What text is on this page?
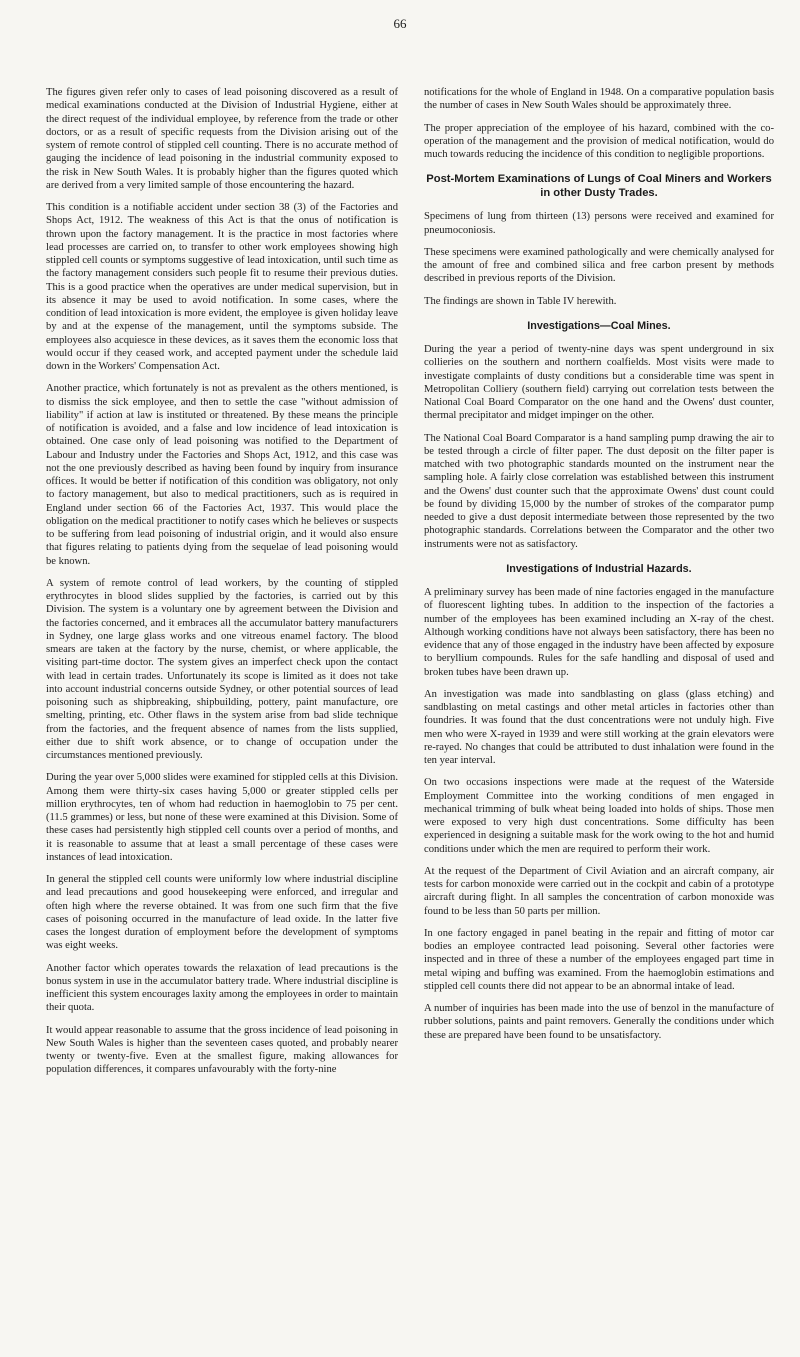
66

The figures given refer only to cases of lead poisoning discovered as a result of medical examinations conducted at the Division of Industrial Hygiene, either at the direct request of the individual employee, by reference from the trade or other doctors, or as a result of specific requests from the Division arising out of the system of remote control of stippled cell counting. There is no accurate method of gauging the incidence of lead poisoning in the industrial community exposed to the risk in New South Wales. It is probably higher than the figures quoted which are derived from a very limited sample of those encountering the hazard.

This condition is a notifiable accident under section 38 (3) of the Factories and Shops Act, 1912. The weakness of this Act is that the onus of notification is thrown upon the factory management. It is the practice in most factories where lead processes are carried on, to transfer to other work employees showing high stippled cell counts or symptoms suggestive of lead intoxication, until such time as the factory management considers such people fit to resume their previous duties. This is a good practice when the operatives are under medical supervision, but in its absence it may be used to avoid notification. In some cases, where the condition of lead intoxication is more evident, the employee is given holiday leave by and at the expense of the management, until the symptoms subside. The employees also acquiesce in these devices, as it saves them the economic loss that would occur if they ceased work, and accepted payment under the schedule laid down in the Workers' Compensation Act.

Another practice, which fortunately is not as prevalent as the others mentioned, is to dismiss the sick employee, and then to settle the case "without admission of liability" if action at law is instituted or threatened. By these means the principle of notification is avoided, and a false and low incidence of lead intoxication is obtained. One case only of lead poisoning was notified to the Department of Labour and Industry under the Factories and Shops Act, 1912, and this case was not the one previously described as having been found by inquiry from insurance offices. It would be better if notification of this condition was obligatory, not only to factory management, but also to medical practitioners, such as is required in England under section 66 of the Factories Act, 1937. This would place the obligation on the medical practitioner to notify cases which he believes or suspects to be suffering from lead poisoning of industrial origin, and it would also ensure that figures relating to patients dying from the sequelae of lead poisoning would be known.

A system of remote control of lead workers, by the counting of stippled erythrocytes in blood slides supplied by the factories, is carried out by this Division. The system is a voluntary one by agreement between the Division and the factories concerned, and it embraces all the accumulator battery manufacturers in Sydney, one large glass works and one vitreous enamel factory. The blood smears are taken at the factory by the nurse, chemist, or where applicable, the visiting part-time doctor. The system gives an imperfect check upon the contact with lead in certain trades. Unfortunately its scope is limited as it does not take into account industrial concerns outside Sydney, or other potential sources of lead poisoning such as shipbreaking, shipbuilding, pottery, paint manufacture, ore smelting, printing, etc. Other flaws in the system arise from bad slide technique from the factories, and the frequent absence of names from the lists supplied, either due to shift work absence, or to change of occupation under the circumstances mentioned previously.

During the year over 5,000 slides were examined for stippled cells at this Division. Among them were thirty-six cases having 5,000 or greater stippled cells per million erythrocytes, ten of whom had reduction in haemoglobin to 75 per cent. (11.5 grammes) or less, but none of these were examined at this Division. Some of these cases had persistently high stippled cell counts over a period of months, and it is reasonable to assume that at least a small percentage of these cases were instances of lead intoxication.

In general the stippled cell counts were uniformly low where industrial discipline and lead precautions and good housekeeping were enforced, and irregular and often high where the reverse obtained. It was from one such firm that the five cases of poisoning occurred in the manufacture of lead oxide. In the latter five cases the longest duration of employment before the development of symptoms was eight weeks.

Another factor which operates towards the relaxation of lead precautions is the bonus system in use in the accumulator battery trade. Where industrial discipline is inefficient this system encourages laxity among the employees in order to maintain their quota.

It would appear reasonable to assume that the gross incidence of lead poisoning in New South Wales is higher than the seventeen cases quoted, and probably nearer twenty or twenty-five. Even at the smallest figure, making allowances for population differences, it compares unfavourably with the forty-nine

notifications for the whole of England in 1948. On a comparative population basis the number of cases in New South Wales should be approximately three.

The proper appreciation of the employee of his hazard, combined with the co-operation of the management and the provision of medical notification, would do much towards reducing the incidence of this condition to negligible proportions.

Post-Mortem Examinations of Lungs of Coal Miners and Workers in other Dusty Trades.

Specimens of lung from thirteen (13) persons were received and examined for pneumoconiosis.

These specimens were examined pathologically and were chemically analysed for the amount of free and combined silica and free carbon present by methods described in previous reports of the Division.

The findings are shown in Table IV herewith.

Investigations—Coal Mines.

During the year a period of twenty-nine days was spent underground in six collieries on the southern and northern coalfields. Most visits were made to investigate complaints of dusty conditions but a considerable time was spent in Metropolitan Colliery (southern field) carrying out correlation tests between the National Coal Board Comparator on the one hand and the Owens' dust counter, thermal precipitator and midget impinger on the other.

The National Coal Board Comparator is a hand sampling pump drawing the air to be tested through a circle of filter paper. The dust deposit on the filter paper is matched with two photographic standards mounted on the instrument near the sampling hole. A fairly close correlation was established between this instrument and the Owens' dust counter such that the approximate Owens' dust count could be found by dividing 15,000 by the number of strokes of the comparator pump needed to give a dust deposit intermediate between those represented by the two photographic standards. Correlations between the Comparator and the other two instruments were not as satisfactory.

Investigations of Industrial Hazards.

A preliminary survey has been made of nine factories engaged in the manufacture of fluorescent lighting tubes. In addition to the inspection of the factories a number of the employees has been examined including an X-ray of the chest. Although working conditions have not always been satisfactory, there has been no evidence that any of those engaged in the industry have been affected by exposure to beryllium compounds. Rules for the safe handling and disposal of used and broken tubes have been drawn up.

An investigation was made into sandblasting on glass (glass etching) and sandblasting on metal castings and other metal articles in factories other than foundries. It was found that the dust concentrations were not unduly high. Five men who were X-rayed in 1939 and were still working at the grain elevators were re-rayed. No changes that could be attributed to dust inhalation were found in the ten year interval.

On two occasions inspections were made at the request of the Waterside Employment Committee into the working conditions of men engaged in mechanical trimming of bulk wheat being loaded into holds of ships. Those men were exposed to very high dust concentrations. Some difficulty has been experienced in designing a suitable mask for the work owing to the hot and humid conditions under which the men are required to perform their work.

At the request of the Department of Civil Aviation and an aircraft company, air tests for carbon monoxide were carried out in the cockpit and cabin of a prototype aircraft during flight. In all samples the concentration of carbon monoxide was found to be less than 50 parts per million.

In one factory engaged in panel beating in the repair and fitting of motor car bodies an employee contracted lead poisoning. Several other factories were inspected and in three of these a number of the employees engaged part time in metal wiping and buffing was examined. From the haemoglobin estimations and stippled cell counts there did not appear to be an abnormal intake of lead.

A number of inquiries has been made into the use of benzol in the manufacture of rubber solutions, paints and paint removers. Generally the conditions under which these are prepared have been found to be unsatisfactory.
